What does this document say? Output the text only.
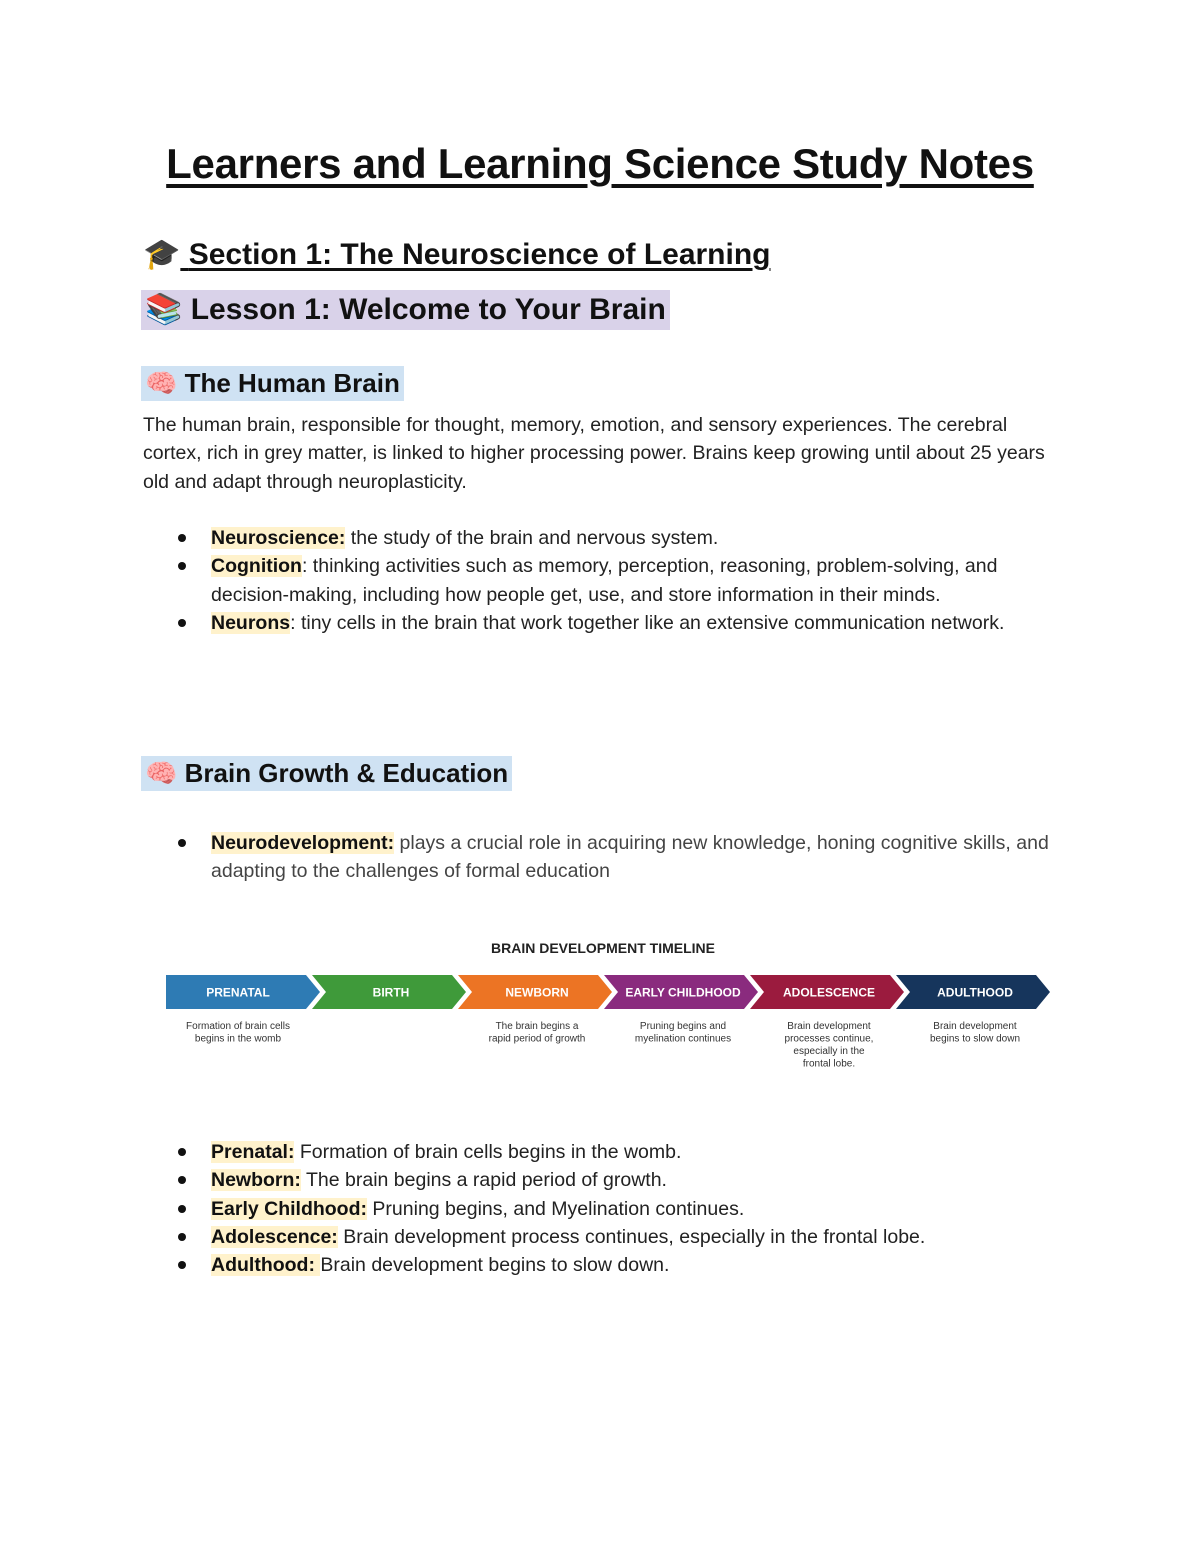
Learners and Learning Science Study Notes
🎓 Section 1: The Neuroscience of Learning
📚 Lesson 1: Welcome to Your Brain
🧠 The Human Brain
The human brain, responsible for thought, memory, emotion, and sensory experiences. The cerebral cortex, rich in grey matter, is linked to higher processing power. Brains keep growing until about 25 years old and adapt through neuroplasticity.
Neuroscience: the study of the brain and nervous system.
Cognition: thinking activities such as memory, perception, reasoning, problem-solving, and decision-making, including how people get, use, and store information in their minds.
Neurons: tiny cells in the brain that work together like an extensive communication network.
🧠 Brain Growth & Education
Neurodevelopment: plays a crucial role in acquiring new knowledge, honing cognitive skills, and adapting to the challenges of formal education
BRAIN DEVELOPMENT TIMELINE
PRENATAL
Formation of brain cells
begins in the womb
BIRTH	NEWBORN
The brain begins a
rapid period of growth
EARLY CHILDHOOD
Pruning begins and
myelination continues
ADOLESCENCE
Brain development
processes continue,
especially in the
frontal lobe.
ADULTHOOD
Brain development
begins to slow down
Prenatal: Formation of brain cells begins in the womb.
Newborn: The brain begins a rapid period of growth.
Early Childhood: Pruning begins, and Myelination continues.
Adolescence: Brain development process continues, especially in the frontal lobe.
Adulthood: Brain development begins to slow down.
